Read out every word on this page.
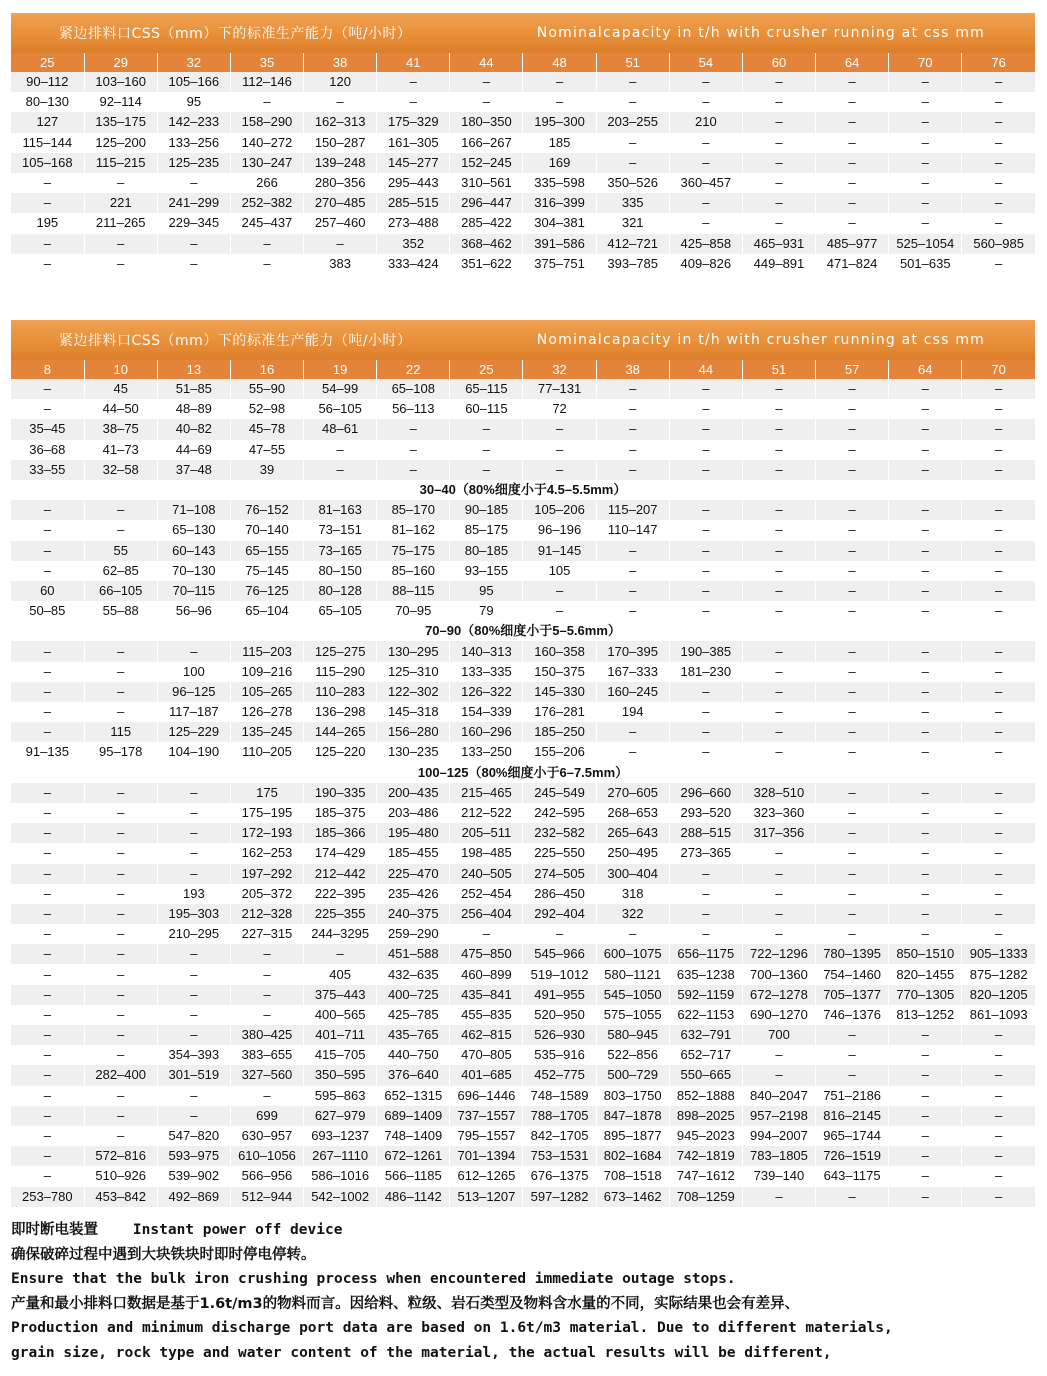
紧边排料口CSS（mm）下的标准生产能力（吨/小时）	Nominalcapacity in t/h with crusher running at css mm
25	29	32	35	38	41	44	48	51	54	60	64	70	76
90–112	103–160	105–166	112–146	120	–	–	–	–	–	–	–	–	–
80–130	92–114	95	–	–	–	–	–	–	–	–	–	–	–
127	135–175	142–233	158–290	162–313	175–329	180–350	195–300	203–255	210	–	–	–	–
115–144	125–200	133–256	140–272	150–287	161–305	166–267	185	–	–	–	–	–	–
105–168	115–215	125–235	130–247	139–248	145–277	152–245	169	–	–	–	–	–	–
–	–	–	266	280–356	295–443	310–561	335–598	350–526	360–457	–	–	–	–
–	221	241–299	252–382	270–485	285–515	296–447	316–399	335	–	–	–	–	–
195	211–265	229–345	245–437	257–460	273–488	285–422	304–381	321	–	–	–	–	–
–	–	–	–	–	352	368–462	391–586	412–721	425–858	465–931	485–977	525–1054	560–985
–	–	–	–	383	333–424	351–622	375–751	393–785	409–826	449–891	471–824	501–635	–
紧边排料口CSS（mm）下的标准生产能力（吨/小时）	Nominalcapacity in t/h with crusher running at css mm
8	10	13	16	19	22	25	32	38	44	51	57	64	70
–	45	51–85	55–90	54–99	65–108	65–115	77–131	–	–	–	–	–	–
–	44–50	48–89	52–98	56–105	56–113	60–115	72	–	–	–	–	–	–
35–45	38–75	40–82	45–78	48–61	–	–	–	–	–	–	–	–	–
36–68	41–73	44–69	47–55	–	–	–	–	–	–	–	–	–	–
33–55	32–58	37–48	39	–	–	–	–	–	–	–	–	–	–
30–40（80%细度小于4.5–5.5mm）													
–	–	71–108	76–152	81–163	85–170	90–185	105–206	115–207	–	–	–	–	–
–	–	65–130	70–140	73–151	81–162	85–175	96–196	110–147	–	–	–	–	–
–	55	60–143	65–155	73–165	75–175	80–185	91–145	–	–	–	–	–	–
–	62–85	70–130	75–145	80–150	85–160	93–155	105	–	–	–	–	–	–
60	66–105	70–115	76–125	80–128	88–115	95	–	–	–	–	–	–	–
50–85	55–88	56–96	65–104	65–105	70–95	79	–	–	–	–	–	–	–
70–90（80%细度小于5–5.6mm）													
–	–	–	115–203	125–275	130–295	140–313	160–358	170–395	190–385	–	–	–	–
–	–	100	109–216	115–290	125–310	133–335	150–375	167–333	181–230	–	–	–	–
–	–	96–125	105–265	110–283	122–302	126–322	145–330	160–245	–	–	–	–	–
–	–	117–187	126–278	136–298	145–318	154–339	176–281	194	–	–	–	–	–
–	115	125–229	135–245	144–265	156–280	160–296	185–250	–	–	–	–	–	–
91–135	95–178	104–190	110–205	125–220	130–235	133–250	155–206	–	–	–	–	–	–
100–125（80%细度小于6–7.5mm）													
–	–	–	175	190–335	200–435	215–465	245–549	270–605	296–660	328–510	–	–	–
–	–	–	175–195	185–375	203–486	212–522	242–595	268–653	293–520	323–360	–	–	–
–	–	–	172–193	185–366	195–480	205–511	232–582	265–643	288–515	317–356	–	–	–
–	–	–	162–253	174–429	185–455	198–485	225–550	250–495	273–365	–	–	–	–
–	–	–	197–292	212–442	225–470	240–505	274–505	300–404	–	–	–	–	–
–	–	193	205–372	222–395	235–426	252–454	286–450	318	–	–	–	–	–
–	–	195–303	212–328	225–355	240–375	256–404	292–404	322	–	–	–	–	–
–	–	210–295	227–315	244–3295	259–290	–	–	–	–	–	–	–	–
–	–	–	–	–	451–588	475–850	545–966	600–1075	656–1175	722–1296	780–1395	850–1510	905–1333
–	–	–	–	405	432–635	460–899	519–1012	580–1121	635–1238	700–1360	754–1460	820–1455	875–1282
–	–	–	–	375–443	400–725	435–841	491–955	545–1050	592–1159	672–1278	705–1377	770–1305	820–1205
–	–	–	–	400–565	425–785	455–835	520–950	575–1055	622–1153	690–1270	746–1376	813–1252	861–1093
–	–	–	380–425	401–711	435–765	462–815	526–930	580–945	632–791	700	–	–	–
–	–	354–393	383–655	415–705	440–750	470–805	535–916	522–856	652–717	–	–	–	–
–	282–400	301–519	327–560	350–595	376–640	401–685	452–775	500–729	550–665	–	–	–	–
–	–	–	–	595–863	652–1315	696–1446	748–1589	803–1750	852–1888	840–2047	751–2186	–	–
–	–	–	699	627–979	689–1409	737–1557	788–1705	847–1878	898–2025	957–2198	816–2145	–	–
–	–	547–820	630–957	693–1237	748–1409	795–1557	842–1705	895–1877	945–2023	994–2007	965–1744	–	–
–	572–816	593–975	610–1056	267–1110	672–1261	701–1394	753–1531	802–1684	742–1819	783–1805	726–1519	–	–
–	510–926	539–902	566–956	586–1016	566–1185	612–1265	676–1375	708–1518	747–1612	739–140	643–1175	–	–
253–780	453–842	492–869	512–944	542–1002	486–1142	513–1207	597–1282	673–1462	708–1259	–	–	–	–
即时断电装置 Instant power off device
确保破碎过程中遇到大块铁块时即时停电停转。
Ensure that the bulk iron crushing process when encountered immediate outage stops.
产量和最小排料口数据是基于1.6t/m3的物料而言。因给料、粒级、岩石类型及物料含水量的不同，实际结果也会有差异、
Production and minimum discharge port data are based on 1.6t/m3 material. Due to different materials,
grain size, rock type and water content of the material, the actual results will be different,
